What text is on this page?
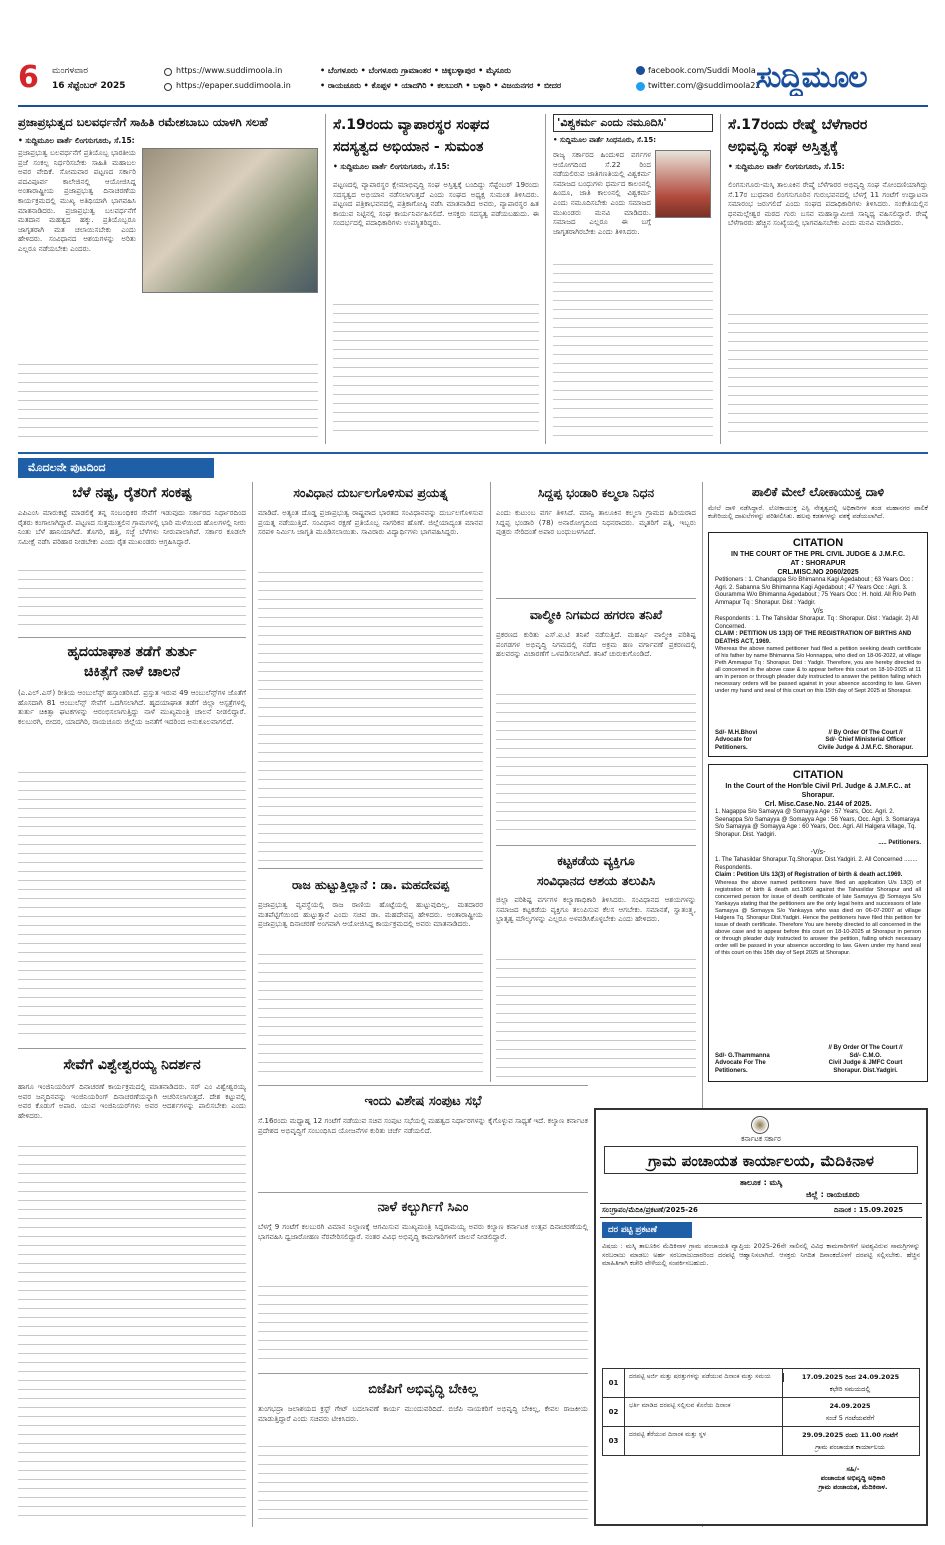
6 ಮಂಗಳವಾರ
16 ಸೆಪ್ಟೆಂಬರ್ 2025
https://www.suddimoola.in
https://epaper.suddimoola.in
• ಬೆಂಗಳೂರು • ಬೆಂಗಳೂರು ಗ್ರಾಮಾಂತರ • ಚಿಕ್ಕಬಳ್ಳಾಪುರ • ಮೈಸೂರು
• ರಾಯಚೂರು • ಕೊಪ್ಪಳ • ಯಾದಗಿರಿ • ಕಲಬುರಗಿ • ಬಳ್ಳಾರಿ • ವಿಜಯನಗರ • ಬೀದರ
facebook.com/Suddi Moola
twitter.com/@suddimoola22
ಸುದ್ದಿಮೂಲ
ಪ್ರಜಾಪ್ರಭುತ್ವದ ಬಲವರ್ಧನೆಗೆ ಸಾಹಿತಿ ರಮೇಶಬಾಬು ಯಾಳಗಿ ಸಲಹೆ
• ಸುದ್ದಿಮೂಲ ವಾರ್ತೆ ಲಿಂಗಸುಗೂರು, ಸೆ.15:
ಪ್ರಜಾಪ್ರಭುತ್ವ ಬಲವರ್ಧನೆಗೆ ಪ್ರತಿಯೊಬ್ಬ ಭಾರತೀಯ ಪ್ರಜೆ ಸಂಕಲ್ಪ ನಿರ್ಧರಿಸಬೇಕು ಸಾಹಿತಿ ಮಹಾಬಲ ಅವರ ವೇದಿಕೆ. ಸೋಮವಾರ ಪಟ್ಟಣದ ಸರ್ಕಾರಿ ಪದವಿಪೂರ್ವ ಕಾಲೇಜಿನಲ್ಲಿ ಆಯೋಜಿಸಿದ್ದ ಅಂತಾರಾಷ್ಟ್ರೀಯ ಪ್ರಜಾಪ್ರಭುತ್ವ ದಿನಾಚರಣೆಯ ಕಾರ್ಯಕ್ರಮದಲ್ಲಿ ಮುಖ್ಯ ಅತಿಥಿಯಾಗಿ ಭಾಗವಹಿಸಿ ಮಾತನಾಡಿದರು. ಪ್ರಜಾಪ್ರಭುತ್ವ ಬಲವರ್ಧನೆಗೆ ಮತದಾನ ಮಹತ್ವದ ಹಕ್ಕು. ಪ್ರತಿಯೊಬ್ಬರೂ ಜಾಗೃತರಾಗಿ ಮತ ಚಲಾಯಿಸಬೇಕು ಎಂದು ಹೇಳಿದರು. ಸಂವಿಧಾನದ ಆಶಯಗಳನ್ನು ಅರಿತು ಎಲ್ಲರೂ ನಡೆಯಬೇಕು ಎಂದರು.
ಸೆ.19ರಂದು ವ್ಯಾಪಾರಸ್ಥರ ಸಂಘದ
ಸದಸ್ಯತ್ವದ ಅಭಿಯಾನ - ಸುಮಂತ
• ಸುದ್ದಿಮೂಲ ವಾರ್ತೆ ಲಿಂಗಸುಗೂರು, ಸೆ.15:
ಪಟ್ಟಣದಲ್ಲಿ ವ್ಯಾಪಾರಸ್ಥರ ಕ್ಷೇಮಾಭಿವೃದ್ಧಿ ಸಂಘ ಅಸ್ತಿತ್ವಕ್ಕೆ ಬಂದಿದ್ದು ಸೆಪ್ಟೆಂಬರ್ 19ರಂದು ಸದಸ್ಯತ್ವದ ಅಭಿಯಾನ ನಡೆಸಲಾಗುತ್ತದೆ ಎಂದು ಸಂಘದ ಅಧ್ಯಕ್ಷ ಸುಮಂತ ತಿಳಿಸಿದರು. ಪಟ್ಟಣದ ಪತ್ರಿಕಾಭವನದಲ್ಲಿ ಪತ್ರಿಕಾಗೋಷ್ಠಿ ನಡೆಸಿ ಮಾತನಾಡಿದ ಅವರು, ವ್ಯಾಪಾರಸ್ಥರ ಹಿತ ಕಾಯುವ ನಿಟ್ಟಿನಲ್ಲಿ ಸಂಘ ಕಾರ್ಯನಿರ್ವಹಿಸಲಿದೆ. ಆಸಕ್ತರು ಸದಸ್ಯತ್ವ ಪಡೆಯಬಹುದು. ಈ ಸಂದರ್ಭದಲ್ಲಿ ಪದಾಧಿಕಾರಿಗಳು ಉಪಸ್ಥಿತರಿದ್ದರು.
'ವಿಶ್ವಕರ್ಮ ಎಂದು ನಮೂದಿಸಿ'
• ಸುದ್ದಿಮೂಲ ವಾರ್ತೆ ಸಿಂಧನೂರು, ಸೆ.15:
ರಾಜ್ಯ ಸರ್ಕಾರದ ಹಿಂದುಳಿದ ವರ್ಗಗಳ ಆಯೋಗದಿಂದ ಸೆ.22 ರಿಂದ ನಡೆಯಲಿರುವ ಜಾತಿಗಣತಿಯಲ್ಲಿ ವಿಶ್ವಕರ್ಮ ಸಮಾಜದ ಬಂಧುಗಳು ಧರ್ಮದ ಕಾಲಂನಲ್ಲಿ ಹಿಂದೂ, ಜಾತಿ ಕಾಲಂನಲ್ಲಿ ವಿಶ್ವಕರ್ಮ ಎಂದು ನಮೂದಿಸಬೇಕು ಎಂದು ಸಮಾಜದ ಮುಖಂಡರು ಮನವಿ ಮಾಡಿದರು. ಸಮಾಜದ ಎಲ್ಲರೂ ಈ ಬಗ್ಗೆ ಜಾಗೃತರಾಗಿರಬೇಕು ಎಂದು ತಿಳಿಸಿದರು.
ಸೆ.17ರಂದು ರೇಷ್ಮೆ ಬೆಳೆಗಾರರ
ಅಭಿವೃದ್ಧಿ ಸಂಘ ಅಸ್ತಿತ್ವಕ್ಕೆ
• ಸುದ್ದಿಮೂಲ ವಾರ್ತೆ ಲಿಂಗಸುಗೂರು, ಸೆ.15:
ಲಿಂಗಸುಗೂರು-ಮಸ್ಕಿ ತಾಲೂಕಿನ ರೇಷ್ಮೆ ಬೆಳೆಗಾರರ ಅಭಿವೃದ್ಧಿ ಸಂಘ ನೋಂದಣಿಯಾಗಿದ್ದು ಸೆ.17ರ ಬುಧವಾರ ಲಿಂಗಸುಗೂರಿನ ಗುರುಭವನದಲ್ಲಿ ಬೆಳಗ್ಗೆ 11 ಗಂಟೆಗೆ ಉದ್ಘಾಟನಾ ಸಮಾರಂಭ ಜರುಗಲಿದೆ ಎಂದು ಸಂಘದ ಪದಾಧಿಕಾರಿಗಳು ತಿಳಿಸಿದರು. ಸಂಕೇತಿಯಲ್ಲಿನ ಧನಮಲ್ಲೇಶ್ವರ ಮಠದ ಗುರು ಬಸವ ಮಹಾಸ್ವಾಮೀಜಿ ಸಾನ್ನಿಧ್ಯ ವಹಿಸಲಿದ್ದಾರೆ. ರೇಷ್ಮೆ ಬೆಳೆಗಾರರು ಹೆಚ್ಚಿನ ಸಂಖ್ಯೆಯಲ್ಲಿ ಭಾಗವಹಿಸಬೇಕು ಎಂದು ಮನವಿ ಮಾಡಿದರು.
ಮೊದಲನೇ ಪುಟದಿಂದ
ಬೆಳೆ ನಷ್ಟ, ರೈತರಿಗೆ ಸಂಕಷ್ಟ
ಎಪಿಎಂಸಿ ಮಾರುಕಟ್ಟೆ ಮಾಡಲಿಕ್ಕೆ ತನ್ನ ಸಂಬಂಧಿಕರ ಸೇವೆಗೆ ಇಡುವುದು ಸರ್ಕಾರದ ನಿರ್ಧಾರದಿಂದ ರೈತರು ಕಂಗಾಲಾಗಿದ್ದಾರೆ. ಪಟ್ಟಣದ ಸುತ್ತಮುತ್ತಲಿನ ಗ್ರಾಮಗಳಲ್ಲಿ ಭಾರಿ ಮಳೆಯಿಂದ ಹೊಲಗಳಲ್ಲಿ ನೀರು ನಿಂತು ಬೆಳೆ ಹಾನಿಯಾಗಿದೆ. ತೊಗರಿ, ಹತ್ತಿ, ಸಜ್ಜೆ ಬೆಳೆಗಳು ನೀರುಪಾಲಾಗಿವೆ. ಸರ್ಕಾರ ಕೂಡಲೇ ಸಮೀಕ್ಷೆ ನಡೆಸಿ ಪರಿಹಾರ ನೀಡಬೇಕು ಎಂದು ರೈತ ಮುಖಂಡರು ಆಗ್ರಹಿಸಿದ್ದಾರೆ.
ಹೃದಯಾಘಾತ ತಡೆಗೆ ತುರ್ತು
ಚಿಕಿತ್ಸೆಗೆ ನಾಳೆ ಚಾಲನೆ
(ಎ.ಎಲ್.ಎಸ್) ರೀತಿಯ ಆಂಬುಲೆನ್ಸ್ ಹಸ್ತಾಂತರಿಸಿದೆ. ಪ್ರಸ್ತುತ ಇರುವ 49 ಆಂಬುಲೆನ್ಸ್‌ಗಳ ಜೊತೆಗೆ ಹೊಸದಾಗಿ 81 ಆಂಬುಲೆನ್ಸ್ ಸೇವೆಗೆ ಒದಗಿಸಲಾಗಿದೆ. ಹೃದಯಾಘಾತ ತಡೆಗೆ ಜಿಲ್ಲಾ ಆಸ್ಪತ್ರೆಗಳಲ್ಲಿ ತುರ್ತು ಚಿಕಿತ್ಸಾ ಘಟಕಗಳನ್ನು ಆರಂಭಿಸಲಾಗುತ್ತಿದ್ದು ನಾಳೆ ಮುಖ್ಯಮಂತ್ರಿ ಚಾಲನೆ ನೀಡಲಿದ್ದಾರೆ. ಕಲಬುರಗಿ, ಬೀದರ, ಯಾದಗಿರಿ, ರಾಯಚೂರು ಜಿಲ್ಲೆಯ ಜನತೆಗೆ ಇದರಿಂದ ಅನುಕೂಲವಾಗಲಿದೆ.
ಸೇವೆಗೆ ವಿಶ್ವೇಶ್ವರಯ್ಯ ನಿದರ್ಶನ
ಹಾಗೂ ಇಂಜಿನಿಯರಿಂಗ್ ದಿನಾಚರಣೆ ಕಾರ್ಯಕ್ರಮದಲ್ಲಿ ಮಾತನಾಡಿದರು. ಸರ್ ಎಂ ವಿಶ್ವೇಶ್ವರಯ್ಯ ಅವರ ಜನ್ಮದಿನವನ್ನು ಇಂಜಿನಿಯರಿಂಗ್ ದಿನಾಚರಣೆಯನ್ನಾಗಿ ಆಚರಿಸಲಾಗುತ್ತದೆ. ದೇಶ ಕಟ್ಟುವಲ್ಲಿ ಅವರ ಕೊಡುಗೆ ಅಪಾರ. ಯುವ ಇಂಜಿನಿಯರ್‌ಗಳು ಅವರ ಆದರ್ಶಗಳನ್ನು ಪಾಲಿಸಬೇಕು ಎಂದು ಹೇಳಿದರು.
ಸಂವಿಧಾನ ದುರ್ಬಲಗೊಳಿಸುವ ಪ್ರಯತ್ನ
ಮಾಡಿದೆ. ಅತ್ಯಂತ ದೊಡ್ಡ ಪ್ರಜಾಪ್ರಭುತ್ವ ರಾಷ್ಟ್ರವಾದ ಭಾರತದ ಸಂವಿಧಾನವನ್ನು ದುರ್ಬಲಗೊಳಿಸುವ ಪ್ರಯತ್ನ ನಡೆಯುತ್ತಿದೆ. ಸಂವಿಧಾನ ರಕ್ಷಣೆ ಪ್ರತಿಯೊಬ್ಬ ನಾಗರಿಕನ ಹೊಣೆ. ಜಿಲ್ಲೆಯಾದ್ಯಂತ ಮಾನವ ಸರಪಳಿ ನಿರ್ಮಿಸಿ ಜಾಗೃತಿ ಮೂಡಿಸಲಾಯಿತು. ಸಾವಿರಾರು ವಿದ್ಯಾರ್ಥಿಗಳು ಭಾಗವಹಿಸಿದ್ದರು.
ರಾಜ ಹುಟ್ಟುತ್ತಿಲ್ಲಾನೆ : ಡಾ. ಮಹದೇವಪ್ಪ
ಪ್ರಜಾಪ್ರಭುತ್ವ ವ್ಯವಸ್ಥೆಯಲ್ಲಿ ರಾಜ ರಾಣಿಯ ಹೊಟ್ಟೆಯಲ್ಲಿ ಹುಟ್ಟುವುದಿಲ್ಲ, ಮತದಾರರ ಮತಪೆಟ್ಟಿಗೆಯಿಂದ ಹುಟ್ಟುತ್ತಾನೆ ಎಂದು ಸಚಿವ ಡಾ. ಮಹದೇವಪ್ಪ ಹೇಳಿದರು. ಅಂತಾರಾಷ್ಟ್ರೀಯ ಪ್ರಜಾಪ್ರಭುತ್ವ ದಿನಾಚರಣೆ ಅಂಗವಾಗಿ ಆಯೋಜಿಸಿದ್ದ ಕಾರ್ಯಕ್ರಮದಲ್ಲಿ ಅವರು ಮಾತನಾಡಿದರು.
ಇಂದು ವಿಶೇಷ ಸಂಪುಟ ಸಭೆ
ಸೆ.16ರಂದು ಮಧ್ಯಾಹ್ನ 12 ಗಂಟೆಗೆ ನಡೆಯುವ ಸಚಿವ ಸಂಪುಟ ಸಭೆಯಲ್ಲಿ ಮಹತ್ವದ ನಿರ್ಧಾರಗಳನ್ನು ಕೈಗೊಳ್ಳುವ ಸಾಧ್ಯತೆ ಇದೆ. ಕಲ್ಯಾಣ ಕರ್ನಾಟಕ ಪ್ರದೇಶದ ಅಭಿವೃದ್ಧಿಗೆ ಸಂಬಂಧಿಸಿದ ಯೋಜನೆಗಳ ಕುರಿತು ಚರ್ಚೆ ನಡೆಯಲಿದೆ.
ನಾಳೆ ಕಲ್ಬುರ್ಗಿಗೆ ಸಿಎಂ
ಬೆಳಗ್ಗೆ 9 ಗಂಟೆಗೆ ಕಲಬುರಗಿ ವಿಮಾನ ನಿಲ್ದಾಣಕ್ಕೆ ಆಗಮಿಸುವ ಮುಖ್ಯಮಂತ್ರಿ ಸಿದ್ದರಾಮಯ್ಯ ಅವರು ಕಲ್ಯಾಣ ಕರ್ನಾಟಕ ಉತ್ಸವ ದಿನಾಚರಣೆಯಲ್ಲಿ ಭಾಗವಹಿಸಿ ಧ್ವಜಾರೋಹಣ ನೆರವೇರಿಸಲಿದ್ದಾರೆ. ನಂತರ ವಿವಿಧ ಅಭಿವೃದ್ಧಿ ಕಾಮಗಾರಿಗಳಿಗೆ ಚಾಲನೆ ನೀಡಲಿದ್ದಾರೆ.
ಬಿಜೆಪಿಗೆ ಅಭಿವೃದ್ಧಿ ಬೇಕಿಲ್ಲ
ತುಂಗಭದ್ರಾ ಜಲಾಶಯದ ಕ್ರಸ್ಟ್ ಗೇಟ್ ಬದಲಾವಣೆ ಕಾರ್ಯ ಮುಂದುವರಿದಿದೆ. ಬಿಜೆಪಿ ನಾಯಕರಿಗೆ ಅಭಿವೃದ್ಧಿ ಬೇಕಿಲ್ಲ, ಕೇವಲ ರಾಜಕೀಯ ಮಾಡುತ್ತಿದ್ದಾರೆ ಎಂದು ಸಚಿವರು ಟೀಕಿಸಿದರು.
ಸಿದ್ದಪ್ಪ ಭಂಡಾರಿ ಕಲ್ಮಲಾ ನಿಧನ
ಎಂದು ಕುಟುಂಬ ವರ್ಗ ತಿಳಿಸಿದೆ. ಮಾನ್ವಿ ತಾಲೂಕಿನ ಕಲ್ಮಲಾ ಗ್ರಾಮದ ಹಿರಿಯರಾದ ಸಿದ್ದಪ್ಪ ಭಂಡಾರಿ (78) ಅನಾರೋಗ್ಯದಿಂದ ನಿಧನರಾದರು. ಮೃತರಿಗೆ ಪತ್ನಿ, ಇಬ್ಬರು ಪುತ್ರರು ಸೇರಿದಂತೆ ಅಪಾರ ಬಂಧುಬಳಗವಿದೆ.
ವಾಲ್ಮೀಕಿ ನಿಗಮದ ಹಗರಣ ತನಿಖೆ
ಪ್ರಕರಣದ ಕುರಿತು ಎಸ್.ಐ.ಟಿ ತನಿಖೆ ನಡೆಸುತ್ತಿದೆ. ಮಹರ್ಷಿ ವಾಲ್ಮೀಕಿ ಪರಿಶಿಷ್ಟ ಪಂಗಡಗಳ ಅಭಿವೃದ್ಧಿ ನಿಗಮದಲ್ಲಿ ನಡೆದ ಅಕ್ರಮ ಹಣ ವರ್ಗಾವಣೆ ಪ್ರಕರಣದಲ್ಲಿ ಹಲವರನ್ನು ವಿಚಾರಣೆಗೆ ಒಳಪಡಿಸಲಾಗಿದೆ. ತನಿಖೆ ಚುರುಕುಗೊಂಡಿದೆ.
ಕಟ್ಟಕಡೆಯ ವ್ಯಕ್ತಿಗೂ
ಸಂವಿಧಾನದ ಆಶಯ ತಲುಪಿಸಿ
ಜಿಲ್ಲಾ ಪರಿಶಿಷ್ಟ ವರ್ಗಗಳ ಕಲ್ಯಾಣಾಧಿಕಾರಿ ತಿಳಿಸಿದರು. ಸಂವಿಧಾನದ ಆಶಯಗಳನ್ನು ಸಮಾಜದ ಕಟ್ಟಕಡೆಯ ವ್ಯಕ್ತಿಗೂ ತಲುಪಿಸುವ ಕೆಲಸ ಆಗಬೇಕು. ಸಮಾನತೆ, ಸ್ವಾತಂತ್ರ್ಯ, ಭ್ರಾತೃತ್ವ ಮೌಲ್ಯಗಳನ್ನು ಎಲ್ಲರೂ ಅಳವಡಿಸಿಕೊಳ್ಳಬೇಕು ಎಂದು ಹೇಳಿದರು.
ಪಾಲಿಕೆ ಮೇಲೆ ಲೋಕಾಯುಕ್ತ ದಾಳಿ
ಮೇಲೆ ದಾಳಿ ನಡೆಸಿದ್ದಾರೆ. ಲೋಕಾಯುಕ್ತ ಎಸ್ಪಿ ನೇತೃತ್ವದಲ್ಲಿ ಅಧಿಕಾರಿಗಳ ತಂಡ ಮಹಾನಗರ ಪಾಲಿಕೆ ಕಚೇರಿಯಲ್ಲಿ ದಾಖಲೆಗಳನ್ನು ಪರಿಶೀಲಿಸಿತು. ಹಲವು ಕಡತಗಳನ್ನು ವಶಕ್ಕೆ ಪಡೆಯಲಾಗಿದೆ.
CITATION
IN THE COURT OF THE PRL CIVIL JUDGE & J.M.F.C.
AT : SHORAPUR
CRL.MISC.NO 2060/2025
Petitioners : 1. Chandappa S/o Bhimanna Kagi Agedabout ; 63 Years Occ : Agri. 2. Sabanna S/o Bhimanna Kagi Agedabout ; 47 Years Occ : Agri. 3. Gouramma W/o Bhimanna Agedabout ; 75 Years Occ : H. hold. All R/o Peth Ammapur Tq : Shorapur. Dist : Yadgir.
V/s
Respondents : 1. The Tahsildar Shorapur. Tq : Shorapur. Dist : Yadagir. 2) All Concerned.
CLAIM : PETITION US 13(3) OF THE REGISTRATION OF BIRTHS AND DEATHS ACT, 1969.
Whereas the above named petitioner had filed a petition seeking death certificate of his father by name Bhimanna S/o Honnappa, who died on 18-06-2022, at village Peth Ammapur Tq : Shorapur. Dist : Yadgir. Therefore, you are hereby directed to all concerned in the above case & to appear before this court on 18-10-2025 at 11 am in person or through pleader duly instructed to answer the petition failing which necessary orders will be passed against in your absence according to law. Given under my hand and seal of this court on this 15th day of Sept 2025 at Shorapur.
Sd/- M.H.Bhovi
Advocate for
Petitioners.
// By Order Of The Court //
Sd/- Chief Ministerial Officer
Civile Judge & J.M.F.C. Shorapur.
CITATION
In the Court of the Hon'ble Civil Prl. Judge & J.M.F.C.. at Shorapur.
Crl. Misc.Case.No. 2144 of 2025.
1. Nagappa S/o Samayya @ Somayya Age : 57 Years, Occ. Agri. 2. Seenappa S/o Samayya @ Somayya Age : 56 Years, Occ. Agri. 3. Somaraya S/o Samayya @ Somayya Age : 60 Years, Occ. Agri. All Halgera village, Tq. Shorapur. Dist. Yadgiri.
..... Petitioners.
-V/s-
1. The Tahasildar Shorapur.Tq.Shorapur. Dist.Yadgiri. 2. All Concerned ........ Respondents.
Claim : Petition U/s 13(3) of Registration of birth & death act.1969.
Whereas the above named petitioners have filed an application U/s 13(3) of registration of birth & death act.1969 against the Tahasildar Shorapur and all concerned person for issue of death certificate of late Samayya @ Somayya S/o Yankayya stating that the petitioners are the only legal heirs and successors of late Samayya @ Somayya S/o Yankayya who was died on 06-07-2007 at village Halgera Tq. Shorapur Dist.Yadgiri. Hence the petitioners have filed this petition for issue of death certificate. Therefore You are hereby directed to all concerned in the above case and to appear before this court on 18-10-2025 at Shorapur in person or through pleader duly instructed to answer the petition, failing which necessary order will be passed in your absence according to law. Given under my hand seal of this court on this 15th day of Sept 2025 at Shorapur.
Sd/- G.Thammanna
Advocate For The
Petitioners.
// By Order Of The Court //
Sd/- C.M.O.
Civil Judge & JMFC Court
Shorapur. Dist.Yadgiri.
ಕರ್ನಾಟಕ ಸರ್ಕಾರ
ಗ್ರಾಮ ಪಂಚಾಯತ ಕಾರ್ಯಾಲಯ, ಮೆದಿಕಿನಾಳ
ತಾಲೂಕ : ಮಸ್ಕಿ
ಜಿಲ್ಲೆ : ರಾಯಚೂರು
ಸಂ:ಗ್ರಾಪಂ/ಮೆದಿಕಿ/ಪ್ರಕಟಣೆ/2025-26	ದಿನಾಂಕ : 15.09.2025
ದರ ಪಟ್ಟಿ ಪ್ರಕಟಣೆ
ವಿಷಯ : ಮಸ್ಕಿ ತಾಲೂಕಿನ ಮೆದಿಕಿನಾಳ ಗ್ರಾಮ ಪಂಚಾಯತಿ ವ್ಯಾಪ್ತಿಯ 2025-26ನೇ ಸಾಲಿನಲ್ಲಿ ವಿವಿಧ ಕಾಮಗಾರಿಗಳಿಗೆ ಅವಶ್ಯವಿರುವ ಸಾಮಗ್ರಿಗಳನ್ನು ಸರಬರಾಜು ಮಾಡಲು ಅರ್ಹ ಸರಬರಾಜುದಾರರಿಂದ ದರಪಟ್ಟಿ ಆಹ್ವಾನಿಸಲಾಗಿದೆ. ಆಸಕ್ತರು ನಿಗದಿತ ದಿನಾಂಕದೊಳಗೆ ದರಪಟ್ಟಿ ಸಲ್ಲಿಸಬೇಕು. ಹೆಚ್ಚಿನ ಮಾಹಿತಿಗಾಗಿ ಕಚೇರಿ ವೇಳೆಯಲ್ಲಿ ಸಂಪರ್ಕಿಸಬಹುದು.
01
ದರಪಟ್ಟಿ ಅರ್ಜಿ ಮತ್ತು ಷರತ್ತುಗಳನ್ನು ಪಡೆಯುವ ದಿನಾಂಕ ಮತ್ತು ಸಮಯ	17.09.2025 ರಿಂದ 24.09.2025
ಕಛೇರಿ ಸಮಯದಲ್ಲಿ
02
ಭರ್ತಿ ಮಾಡಿದ ದರಪಟ್ಟಿ ಸಲ್ಲಿಸುವ ಕೊನೆಯ ದಿನಾಂಕ	24.09.2025
ಸಂಜೆ 5 ಗಂಟೆಯವರೆಗೆ
03
ದರಪಟ್ಟಿ ತೆರೆಯುವ ದಿನಾಂಕ ಮತ್ತು ಸ್ಥಳ	29.09.2025 ರಂದು 11.00 ಗಂಟೆಗೆ
ಗ್ರಾಮ ಪಂಚಾಯತ ಕಾರ್ಯಾಲಯ
ಸಹಿ/-
ಪಂಚಾಯತ ಅಭಿವೃದ್ಧಿ ಅಧಿಕಾರಿ
ಗ್ರಾಮ ಪಂಚಾಯತ, ಮೆದಿಕಿನಾಳ.
